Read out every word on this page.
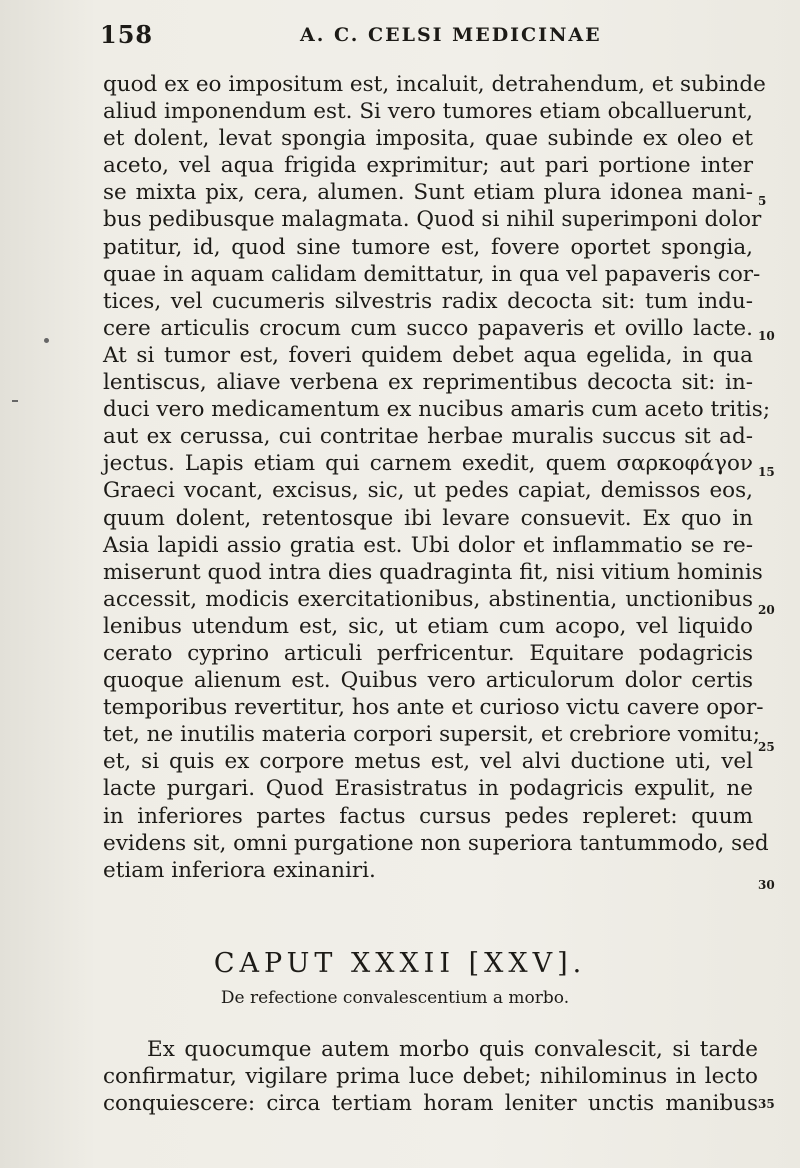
158	A. C. CELSI MEDICINAE
quod ex eo impositum est, incaluit, detrahendum, et subinde
aliud imponendum est. Si vero tumores etiam obcalluerunt,
et dolent, levat spongia imposita, quae subinde ex oleo et
aceto, vel aqua frigida exprimitur; aut pari portione inter
se mixta pix, cera, alumen. Sunt etiam plura idonea mani-
bus pedibusque malagmata. Quod si nihil superimponi dolor
patitur, id, quod sine tumore est, fovere oportet spongia,
quae in aquam calidam demittatur, in qua vel papaveris cor-
tices, vel cucumeris silvestris radix decocta sit: tum indu-
cere articulis crocum cum succo papaveris et ovillo lacte.
At si tumor est, foveri quidem debet aqua egelida, in qua
lentiscus, aliave verbena ex reprimentibus decocta sit: in-
duci vero medicamentum ex nucibus amaris cum aceto tritis;
aut ex cerussa, cui contritae herbae muralis succus sit ad-
jectus. Lapis etiam qui carnem exedit, quem σαρκοφάγον
Graeci vocant, excisus, sic, ut pedes capiat, demissos eos,
quum dolent, retentosque ibi levare consuevit. Ex quo in
Asia lapidi assio gratia est. Ubi dolor et inflammatio se re-
miserunt quod intra dies quadraginta fit, nisi vitium hominis
accessit, modicis exercitationibus, abstinentia, unctionibus
lenibus utendum est, sic, ut etiam cum acopo, vel liquido
cerato cyprino articuli perfricentur. Equitare podagricis
quoque alienum est. Quibus vero articulorum dolor certis
temporibus revertitur, hos ante et curioso victu cavere opor-
tet, ne inutilis materia corpori supersit, et crebriore vomitu;
et, si quis ex corpore metus est, vel alvi ductione uti, vel
lacte purgari. Quod Erasistratus in podagricis expulit, ne
in inferiores partes factus cursus pedes repleret: quum
evidens sit, omni purgatione non superiora tantummodo, sed
etiam inferiora exinaniri.
5
10
15
20
25
30
35
CAPUT XXXII [XXV].
De refectione convalescentium a morbo.
Ex quocumque autem morbo quis convalescit, si tarde
confirmatur, vigilare prima luce debet; nihilominus in lecto
conquiescere: circa tertiam horam leniter unctis manibus
